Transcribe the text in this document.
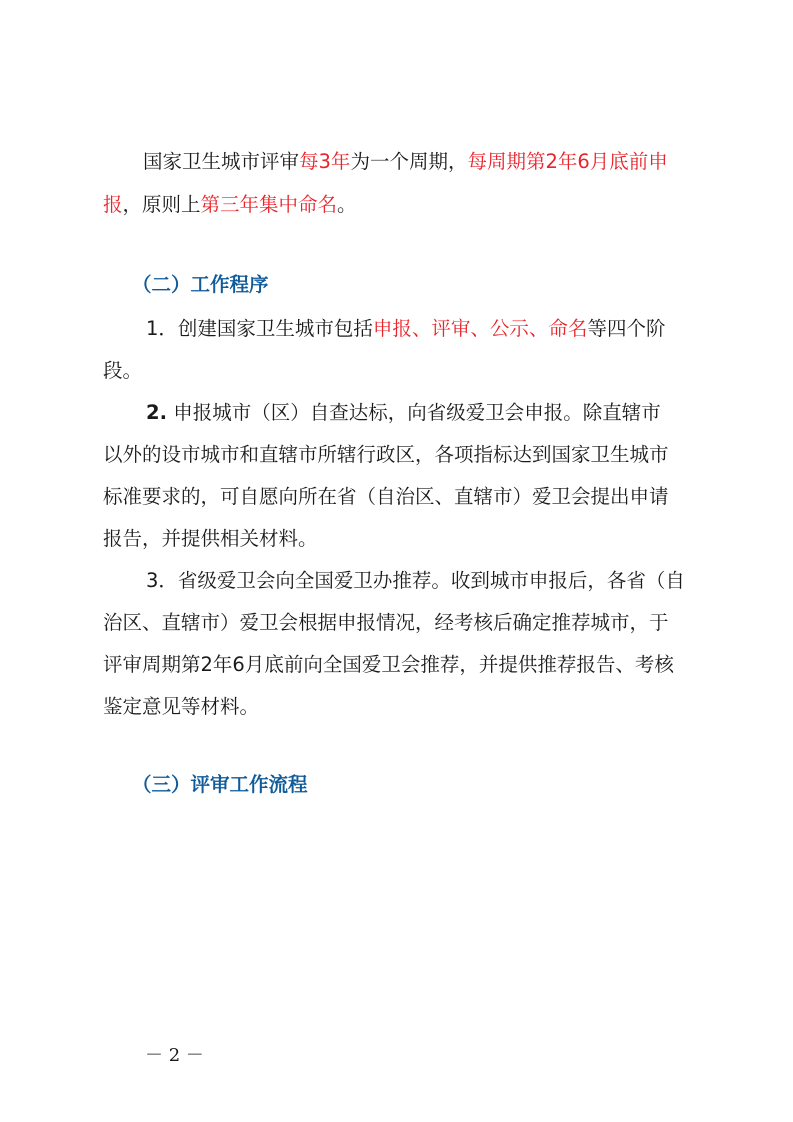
国家卫生城市评审每3年为一个周期，每周期第2年6月底前申

报，原则上第三年集中命名。

（二）工作程序

1．创建国家卫生城市包括申报、评审、公示、命名等四个阶

段。

2. 申报城市（区）自查达标，向省级爱卫会申报。除直辖市

以外的设市城市和直辖市所辖行政区，各项指标达到国家卫生城市

标准要求的，可自愿向所在省（自治区、直辖市）爱卫会提出申请

报告，并提供相关材料。

3．省级爱卫会向全国爱卫办推荐。收到城市申报后，各省（自

治区、直辖市）爱卫会根据申报情况，经考核后确定推荐城市，于

评审周期第2年6月底前向全国爱卫会推荐，并提供推荐报告、考核

鉴定意见等材料。

（三）评审工作流程

－ 2 －
